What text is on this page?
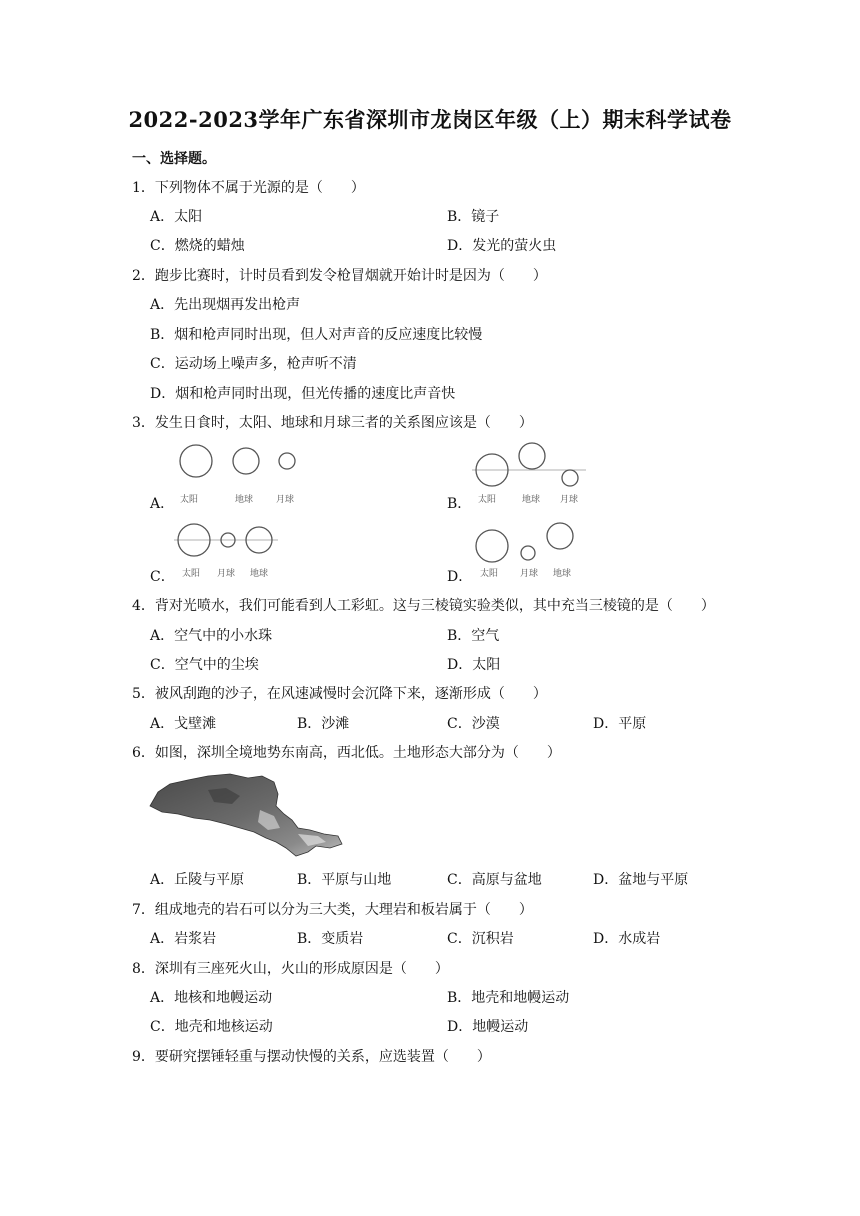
2022-2023学年广东省深圳市龙岗区年级（上）期末科学试卷
一、选择题。
1．下列物体不属于光源的是（　　）
A．太阳	B．镜子
C．燃烧的蜡烛	D．发光的萤火虫
2．跑步比赛时，计时员看到发令枪冒烟就开始计时是因为（　　）
A．先出现烟再发出枪声
B．烟和枪声同时出现，但人对声音的反应速度比较慢
C．运动场上噪声多，枪声听不清
D．烟和枪声同时出现，但光传播的速度比声音快
3．发生日食时，太阳、地球和月球三者的关系图应该是（　　）
A． 太阳	地球	月球	B． 太阳	地球 月球
C． 太阳 月球 地球	D． 太阳 月球 地球
4．背对光喷水，我们可能看到人工彩虹。这与三棱镜实验类似，其中充当三棱镜的是（　　）
A．空气中的小水珠	B．空气
C．空气中的尘埃	D．太阳
5．被风刮跑的沙子，在风速减慢时会沉降下来，逐渐形成（　　）
A．戈壁滩	B．沙滩	C．沙漠	D．平原
6．如图，深圳全境地势东南高，西北低。土地形态大部分为（　　）
A．丘陵与平原	B．平原与山地	C．高原与盆地	D．盆地与平原
7．组成地壳的岩石可以分为三大类，大理岩和板岩属于（　　）
A．岩浆岩	B．变质岩	C．沉积岩	D．水成岩
8．深圳有三座死火山，火山的形成原因是（　　）
A．地核和地幔运动	B．地壳和地幔运动
C．地壳和地核运动	D．地幔运动
9．要研究摆锤轻重与摆动快慢的关系，应选装置（　　）
